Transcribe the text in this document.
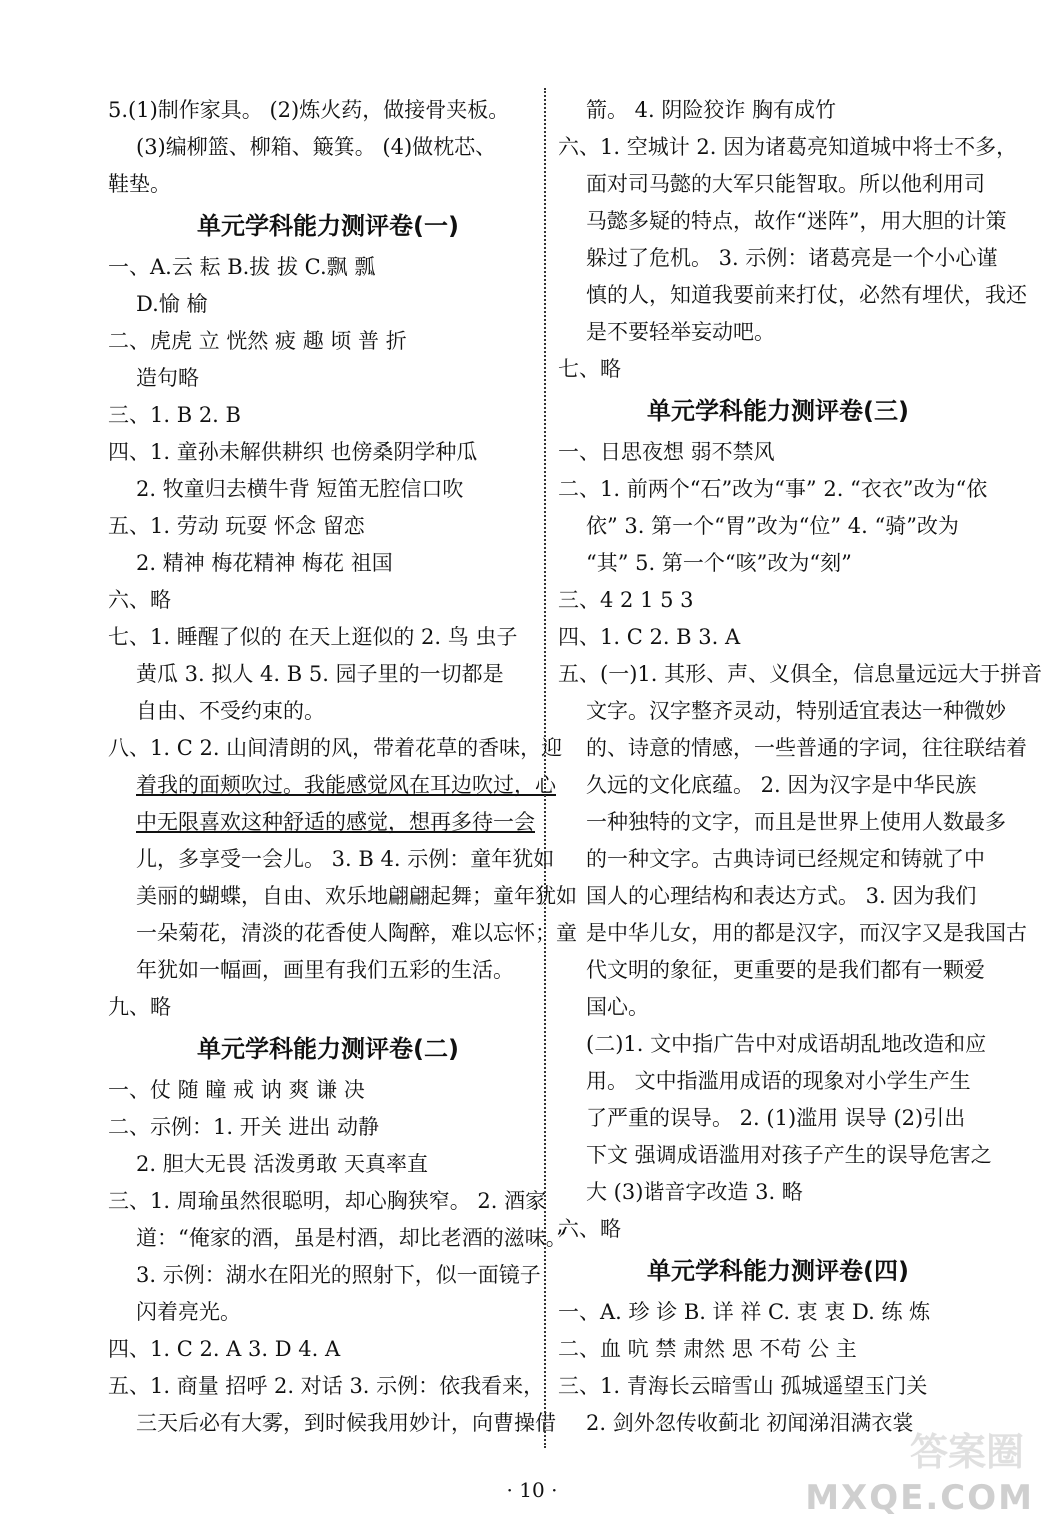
5.(1)制作家具。 (2)炼火药，做接骨夹板。
(3)编柳篮、柳箱、簸箕。 (4)做枕芯、
鞋垫。
单元学科能力测评卷(一)
一、A.云 耘 B.拔 拔 C.飘 瓢
D.愉 榆
二、虎虎 立 恍然 疲 趣 顷 普 折
造句略
三、1. B 2. B
四、1. 童孙未解供耕织 也傍桑阴学种瓜
2. 牧童归去横牛背 短笛无腔信口吹
五、1. 劳动 玩耍 怀念 留恋
2. 精神 梅花精神 梅花 祖国
六、略
七、1. 睡醒了似的 在天上逛似的 2. 鸟 虫子
黄瓜 3. 拟人 4. B 5. 园子里的一切都是
自由、不受约束的。
八、1. C 2. 山间清朗的风，带着花草的香味，迎
着我的面颊吹过。我能感觉风在耳边吹过，心
中无限喜欢这种舒适的感觉，想再多待一会
儿，多享受一会儿。 3. B 4. 示例：童年犹如
美丽的蝴蝶，自由、欢乐地翩翩起舞；童年犹如
一朵菊花，清淡的花香使人陶醉，难以忘怀；童
年犹如一幅画，画里有我们五彩的生活。
九、略
单元学科能力测评卷(二)
一、仗 随 瞳 戒 讷 爽 谦 决
二、示例：1. 开关 进出 动静
2. 胆大无畏 活泼勇敢 天真率直
三、1. 周瑜虽然很聪明，却心胸狭窄。 2. 酒家
道：“俺家的酒，虽是村酒，却比老酒的滋味。”
3. 示例：湖水在阳光的照射下，似一面镜子
闪着亮光。
四、1. C 2. A 3. D 4. A
五、1. 商量 招呼 2. 对话 3. 示例：依我看来，
三天后必有大雾，到时候我用妙计，向曹操借
箭。 4. 阴险狡诈 胸有成竹
六、1. 空城计 2. 因为诸葛亮知道城中将士不多，
面对司马懿的大军只能智取。所以他利用司
马懿多疑的特点，故作“迷阵”，用大胆的计策
躲过了危机。 3. 示例：诸葛亮是一个小心谨
慎的人，知道我要前来打仗，必然有埋伏，我还
是不要轻举妄动吧。
七、略
单元学科能力测评卷(三)
一、日思夜想 弱不禁风
二、1. 前两个“石”改为“事” 2. “衣衣”改为“依
依” 3. 第一个“胃”改为“位” 4. “骑”改为
“其” 5. 第一个“咳”改为“刻”
三、4 2 1 5 3
四、1. C 2. B 3. A
五、(一)1. 其形、声、义俱全，信息量远远大于拼音
文字。汉字整齐灵动，特别适宜表达一种微妙
的、诗意的情感，一些普通的字词，往往联结着
久远的文化底蕴。 2. 因为汉字是中华民族
一种独特的文字，而且是世界上使用人数最多
的一种文字。古典诗词已经规定和铸就了中
国人的心理结构和表达方式。 3. 因为我们
是中华儿女，用的都是汉字，而汉字又是我国古
代文明的象征，更重要的是我们都有一颗爱
国心。
(二)1. 文中指广告中对成语胡乱地改造和应
用。 文中指滥用成语的现象对小学生产生
了严重的误导。 2. (1)滥用 误导 (2)引出
下文 强调成语滥用对孩子产生的误导危害之
大 (3)谐音字改造 3. 略
六、略
单元学科能力测评卷(四)
一、A. 珍 诊 B. 详 祥 C. 衷 衷 D. 练 炼
二、血 吭 禁 肃然 思 不苟 公 主
三、1. 青海长云暗雪山 孤城遥望玉门关
2. 剑外忽传收蓟北 初闻涕泪满衣裳
· 10 ·
答案圈
MXQE.COM
